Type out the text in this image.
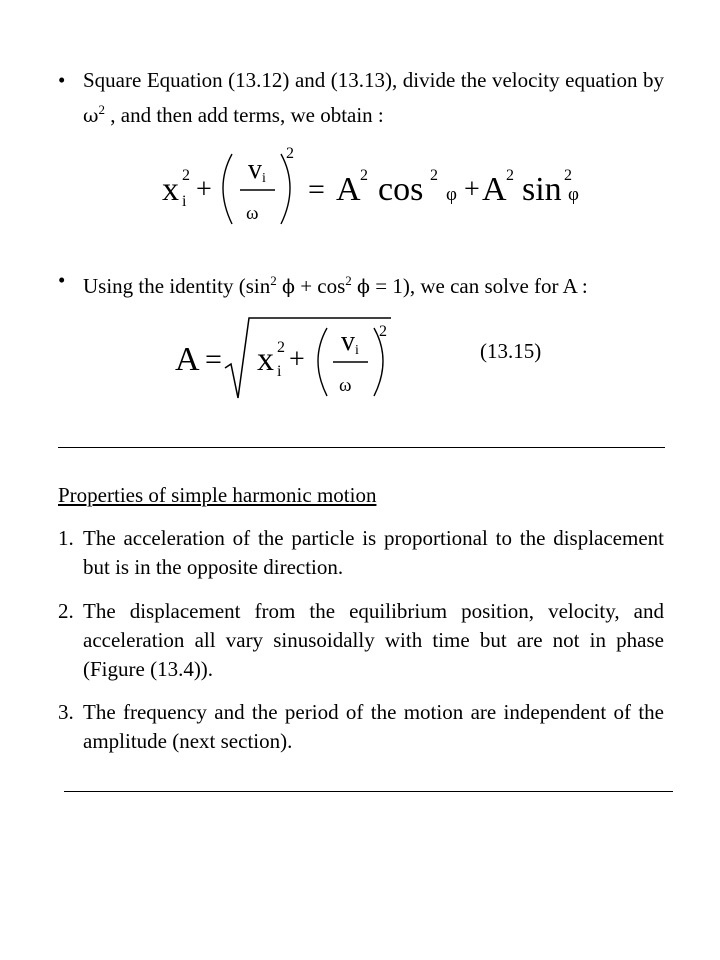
• Square Equation (13.12) and (13.13), divide the velocity equation by $\omega^2$ , and then add terms, we obtain :
x 2
i +
v i
ω
2
= A 2 cos 2
φ + A 2 sin 2
φ
• Using the identity ($\sin^2$ $\phi + \cos^2 \phi = 1$), we can solve for A :
A = x 2
i +
v i
ω
2
(13.15)
Properties of simple harmonic motion
1. The acceleration of the particle is proportional to the displacement but is in the opposite direction.
2. The displacement from the equilibrium position, velocity, and acceleration all vary sinusoidally with time but are not in phase (Figure (13.4)).
3. The frequency and the period of the motion are independent of the amplitude (next section).
